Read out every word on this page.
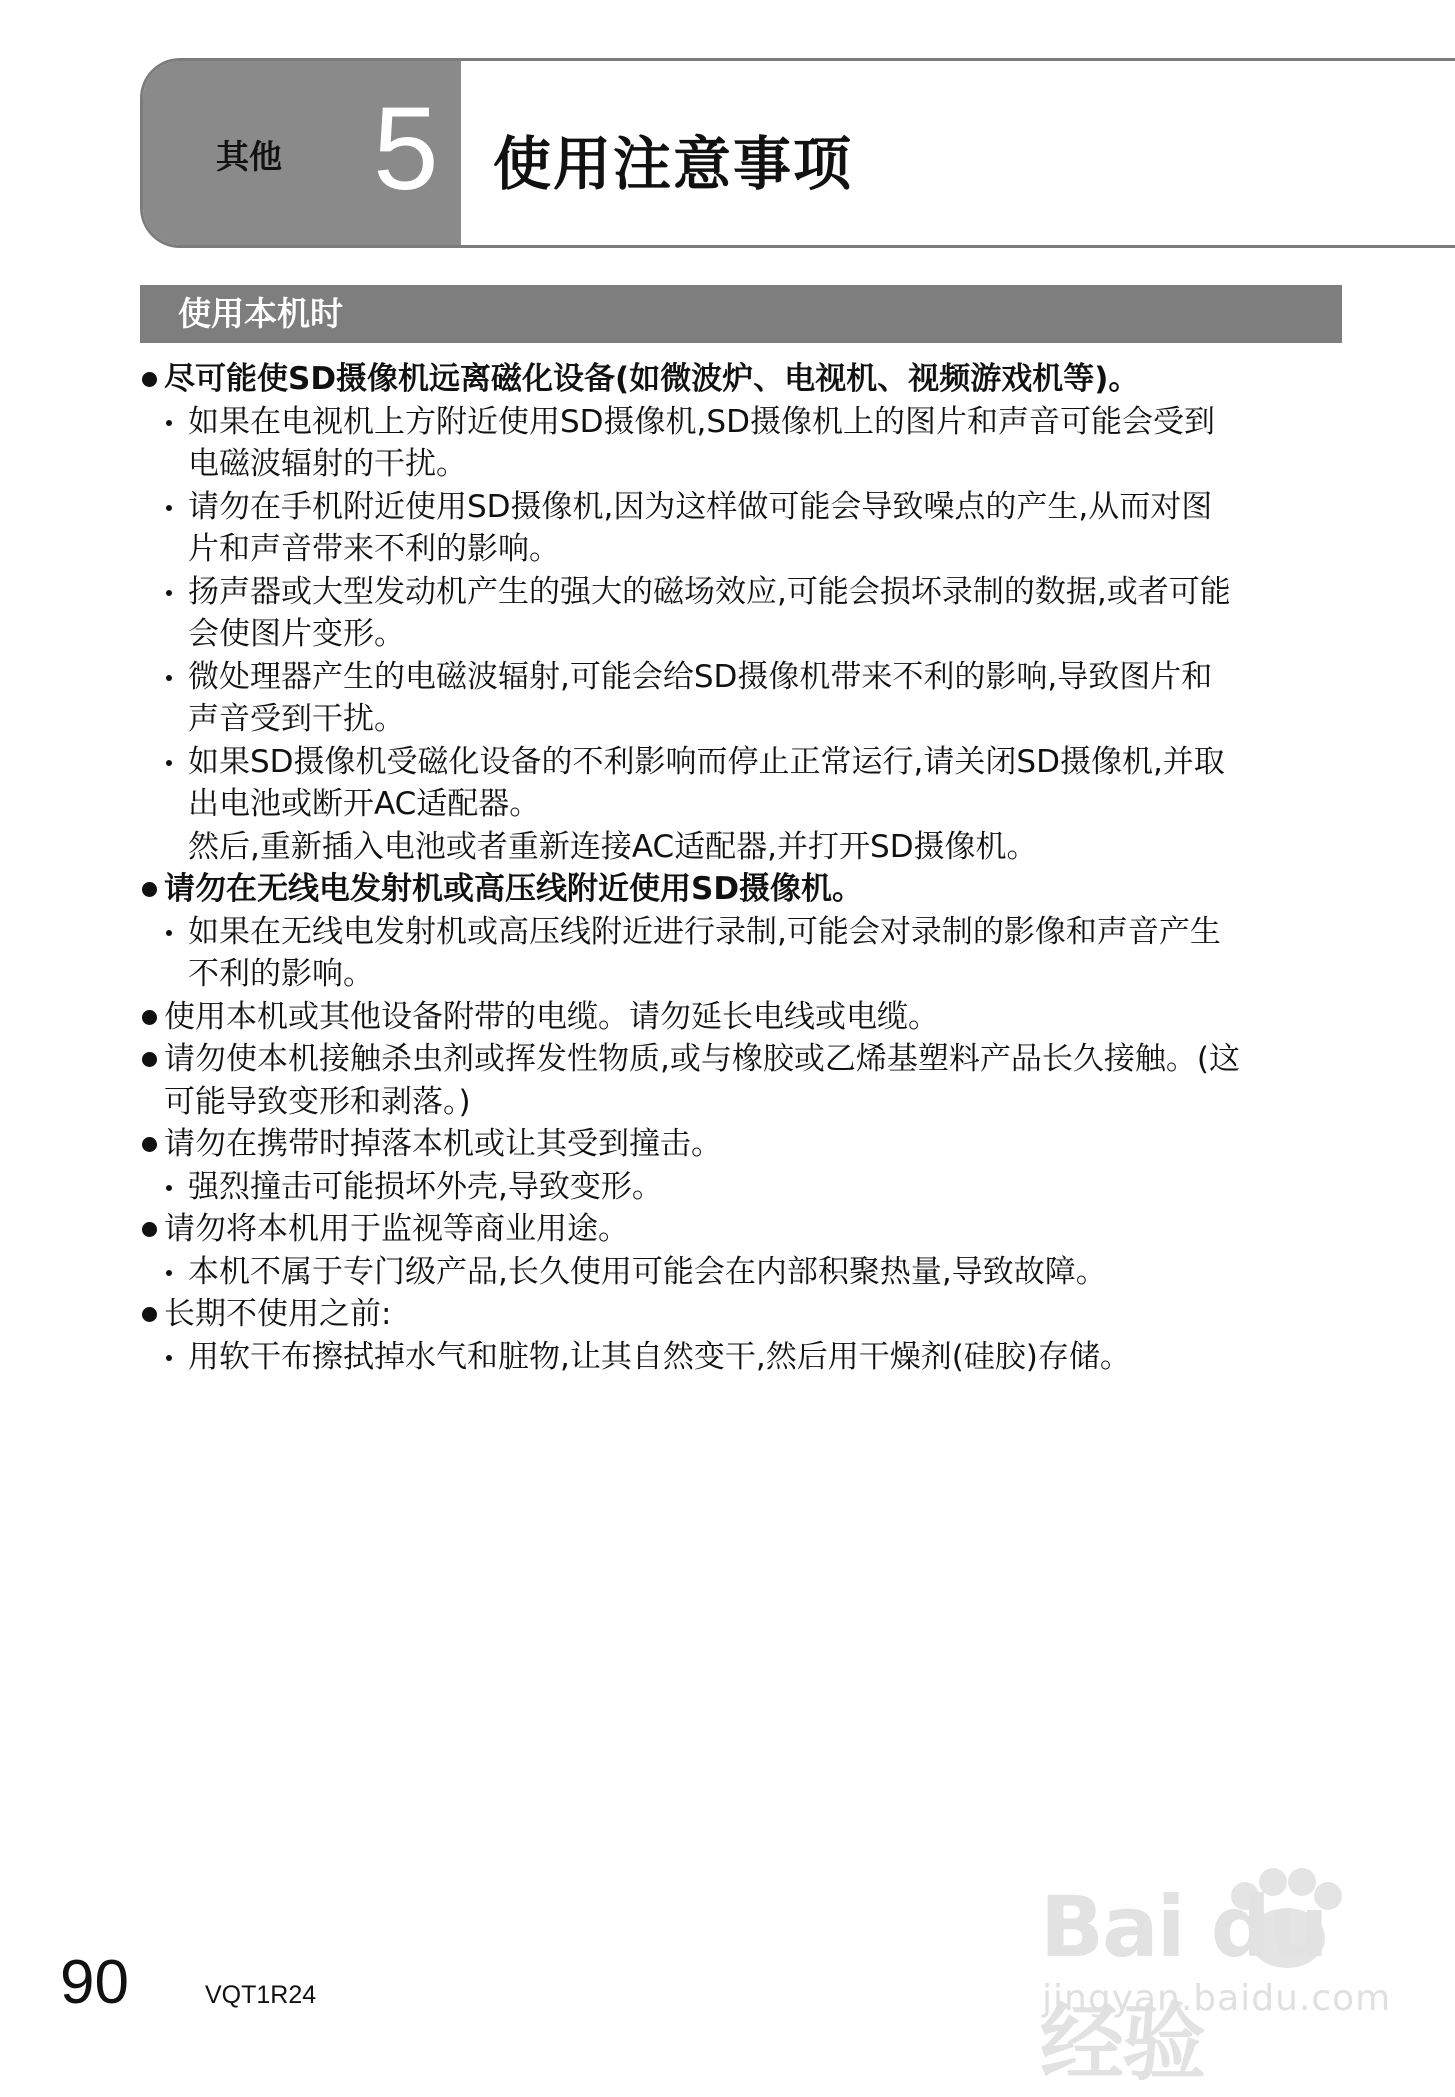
其他 5 使用注意事项
使用本机时
尽可能使SD摄像机远离磁化设备(如微波炉、电视机、视频游戏机等)。
如果在电视机上方附近使用SD摄像机,SD摄像机上的图片和声音可能会受到
电磁波辐射的干扰。
请勿在手机附近使用SD摄像机,因为这样做可能会导致噪点的产生,从而对图
片和声音带来不利的影响。
扬声器或大型发动机产生的强大的磁场效应,可能会损坏录制的数据,或者可能
会使图片变形。
微处理器产生的电磁波辐射,可能会给SD摄像机带来不利的影响,导致图片和
声音受到干扰。
如果SD摄像机受磁化设备的不利影响而停止正常运行,请关闭SD摄像机,并取
出电池或断开AC适配器。
然后,重新插入电池或者重新连接AC适配器,并打开SD摄像机。
请勿在无线电发射机或高压线附近使用SD摄像机。
如果在无线电发射机或高压线附近进行录制,可能会对录制的影像和声音产生
不利的影响。
使用本机或其他设备附带的电缆。请勿延长电线或电缆。
请勿使本机接触杀虫剂或挥发性物质,或与橡胶或乙烯基塑料产品长久接触。(这
可能导致变形和剥落。)
请勿在携带时掉落本机或让其受到撞击。
强烈撞击可能损坏外壳,导致变形。
请勿将本机用于监视等商业用途。
本机不属于专门级产品,长久使用可能会在内部积聚热量,导致故障。
长期不使用之前:
用软干布擦拭掉水气和脏物,让其自然变干,然后用干燥剂(硅胶)存储。
90	VQT1R24
Bai du 经验
jingyan.baidu.com
